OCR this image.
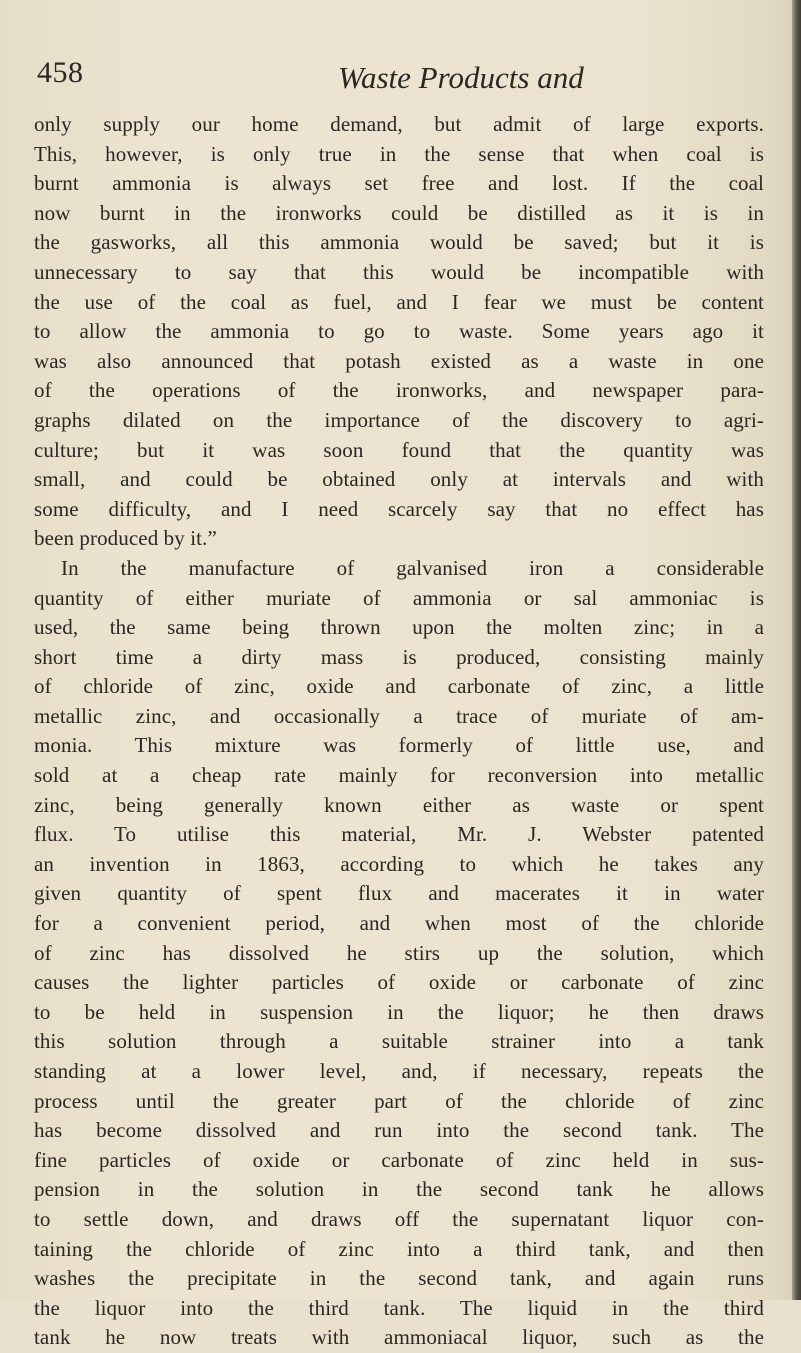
458	Waste Products and
only supply our home demand, but admit of large exports.
This, however, is only true in the sense that when coal is
burnt ammonia is always set free and lost. If the coal
now burnt in the ironworks could be distilled as it is in
the gasworks, all this ammonia would be saved; but it is
unnecessary to say that this would be incompatible with
the use of the coal as fuel, and I fear we must be content
to allow the ammonia to go to waste. Some years ago it
was also announced that potash existed as a waste in one
of the operations of the ironworks, and newspaper para-
graphs dilated on the importance of the discovery to agri-
culture; but it was soon found that the quantity was
small, and could be obtained only at intervals and with
some difficulty, and I need scarcely say that no effect has
been produced by it.”
In the manufacture of galvanised iron a considerable
quantity of either muriate of ammonia or sal ammoniac is
used, the same being thrown upon the molten zinc; in a
short time a dirty mass is produced, consisting mainly
of chloride of zinc, oxide and carbonate of zinc, a little
metallic zinc, and occasionally a trace of muriate of am-
monia. This mixture was formerly of little use, and
sold at a cheap rate mainly for reconversion into metallic
zinc, being generally known either as waste or spent
flux. To utilise this material, Mr. J. Webster patented
an invention in 1863, according to which he takes any
given quantity of spent flux and macerates it in water
for a convenient period, and when most of the chloride
of zinc has dissolved he stirs up the solution, which
causes the lighter particles of oxide or carbonate of zinc
to be held in suspension in the liquor; he then draws
this solution through a suitable strainer into a tank
standing at a lower level, and, if necessary, repeats the
process until the greater part of the chloride of zinc
has become dissolved and run into the second tank. The
fine particles of oxide or carbonate of zinc held in sus-
pension in the solution in the second tank he allows
to settle down, and draws off the supernatant liquor con-
taining the chloride of zinc into a third tank, and then
washes the precipitate in the second tank, and again runs
the liquor into the third tank. The liquid in the third
tank he now treats with ammoniacal liquor, such as the
